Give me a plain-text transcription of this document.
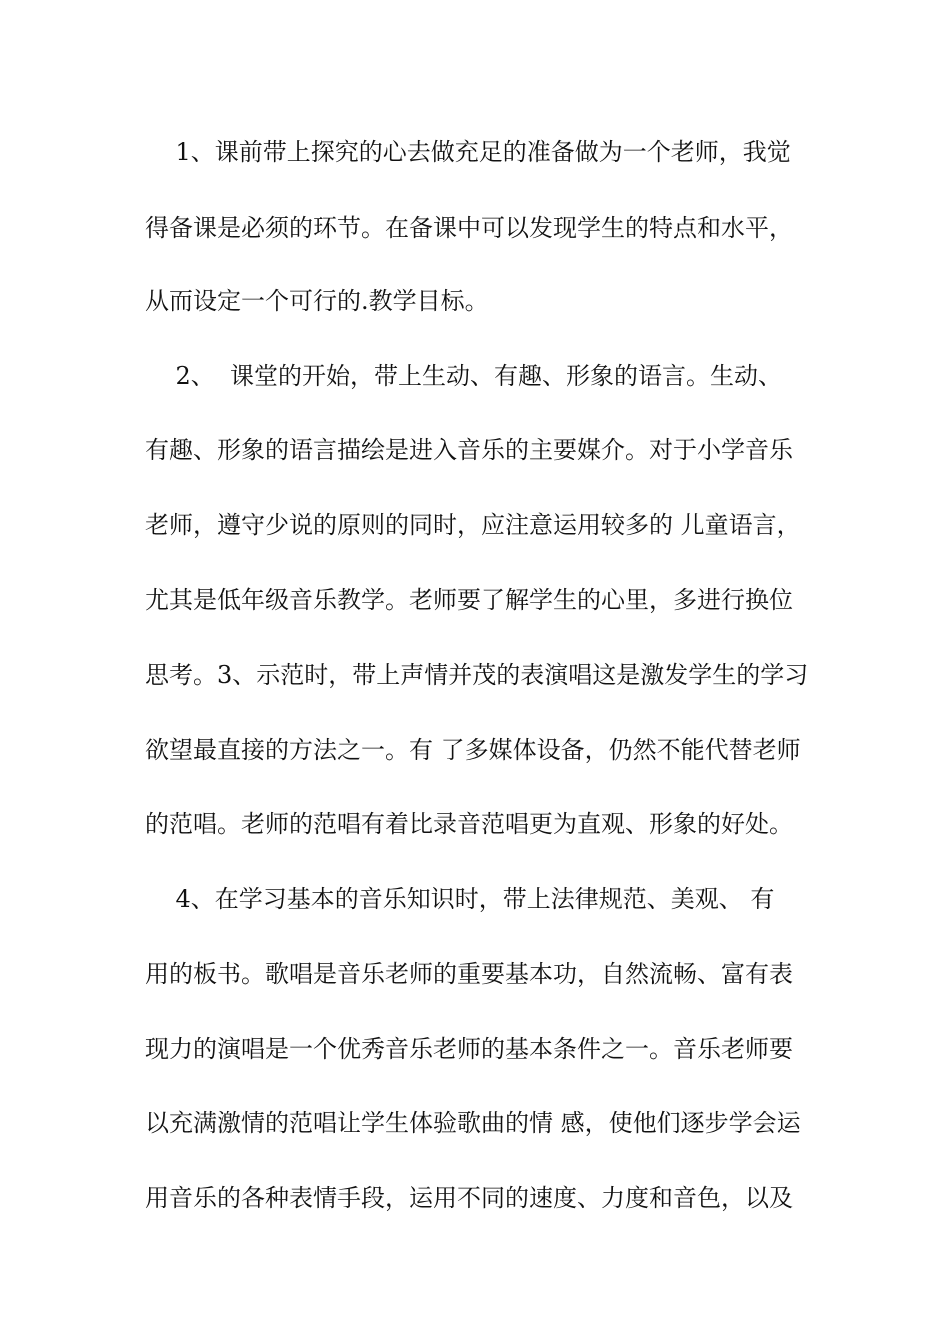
1、课前带上探究的心去做充足的准备做为一个老师，我觉
得备课是必须的环节。在备课中可以发现学生的特点和水平，
从而设定一个可行的.教学目标。
2、  课堂的开始，带上生动、有趣、形象的语言。生动、
有趣、形象的语言描绘是进入音乐的主要媒介。对于小学音乐
老师，遵守少说的原则的同时，应注意运用较多的 儿童语言，
尤其是低年级音乐教学。老师要了解学生的心里，多进行换位
思考。3、示范时，带上声情并茂的表演唱这是激发学生的学习
欲望最直接的方法之一。有 了多媒体设备，仍然不能代替老师
的范唱。老师的范唱有着比录音范唱更为直观、形象的好处。
4、在学习基本的音乐知识时，带上法律规范、美观、 有
用的板书。歌唱是音乐老师的重要基本功，自然流畅、富有表
现力的演唱是一个优秀音乐老师的基本条件之一。音乐老师要
以充满激情的范唱让学生体验歌曲的情 感，使他们逐步学会运
用音乐的各种表情手段，运用不同的速度、力度和音色，以及
